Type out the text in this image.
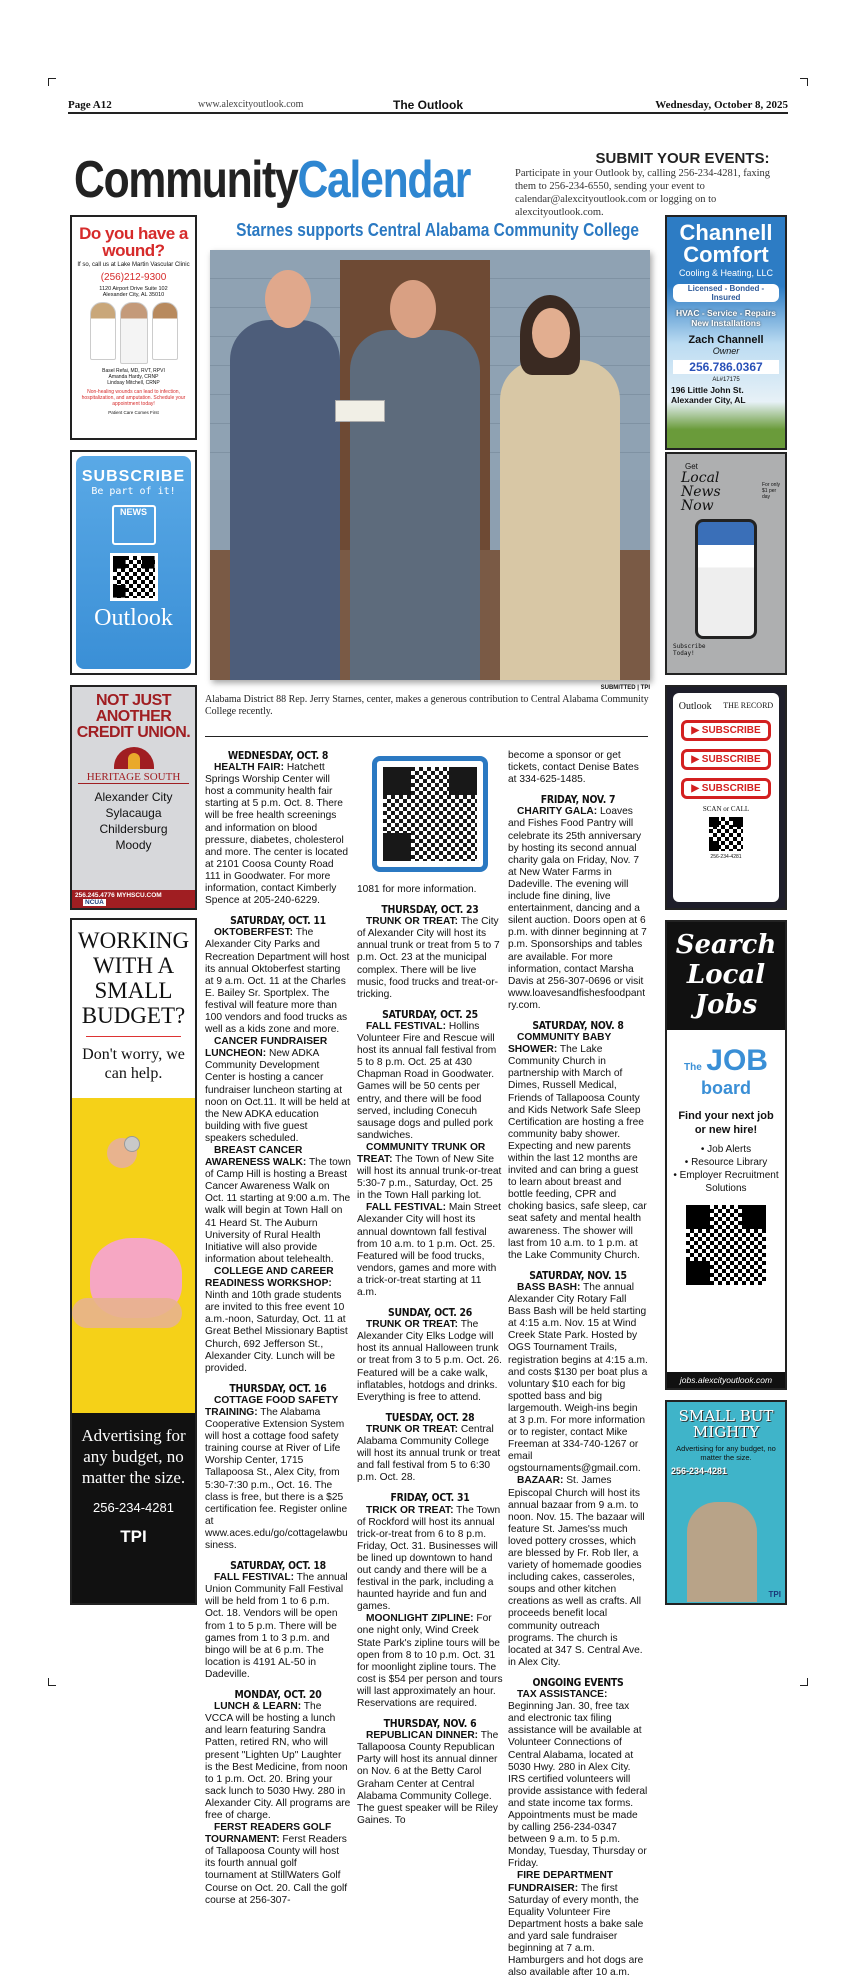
Page A12	www.alexcityoutlook.com	The Outlook	Wednesday, October 8, 2025
CommunityCalendar	SUBMIT YOUR EVENTS:

Participate in your Outlook by, calling 256-234-4281, faxing them to 256-234-6550, sending your event to calendar@alexcityoutlook.com or logging on to alexcityoutlook.com.

Do you have a wound?
If so, call us at Lake Martin Vascular Clinic
(256)212-9300
1120 Airport Drive Suite 102
Alexander City, AL 35010
Basel Refai, MD, RVT, RPVI
Amanda Hardy, CRNP
Lindsay Mitchell, CRNP
Non-healing wounds can lead to infection, hospitalization, and amputation. Schedule your appointment today!
Patient Care Comes First
SUBSCRIBE
Be part of it!
NEWS
Outlook
NOT JUST ANOTHER CREDIT UNION.
HERITAGE SOUTH
Alexander City
Sylacauga
Childersburg
Moody
256.245.4776 MYHSCU.COM NCUA
WORKING WITH A SMALL BUDGET?
Don't worry, we can help.
Advertising for any budget, no matter the size.
256-234-4281
TPI
Starnes supports Central Alabama Community College
SUBMITTED | TPI
Alabama District 88 Rep. Jerry Starnes, center, makes a generous contribution to Central Alabama Community College recently.
WEDNESDAY, OCT. 8
HEALTH FAIR: Hatchett Springs Worship Center will host a community health fair starting at 5 p.m. Oct. 8. There will be free health screenings and information on blood pressure, diabetes, cholesterol and more. The center is located at 2101 Coosa County Road 111 in Goodwater. For more information, contact Kimberly Spence at 205-240-6229.
SATURDAY, OCT. 11
OKTOBERFEST: The Alexander City Parks and Recreation Department will host its annual Oktoberfest starting at 9 a.m. Oct. 11 at the Charles E. Bailey Sr. Sportplex. The festival will feature more than 100 vendors and food trucks as well as a kids zone and more.
CANCER FUNDRAISER LUNCHEON: New ADKA Community Development Center is hosting a cancer fundraiser luncheon starting at noon on Oct.11. It will be held at the New ADKA education building with five guest speakers scheduled.
BREAST CANCER AWARENESS WALK: The town of Camp Hill is hosting a Breast Cancer Awareness Walk on Oct. 11 starting at 9:00 a.m. The walk will begin at Town Hall on 41 Heard St. The Auburn University of Rural Health Initiative will also provide information about telehealth.
COLLEGE AND CAREER READINESS WORKSHOP: Ninth and 10th grade students are invited to this free event 10 a.m.-noon, Saturday, Oct. 11 at Great Bethel Missionary Baptist Church, 692 Jefferson St., Alexander City. Lunch will be provided.
THURSDAY, OCT. 16
COTTAGE FOOD SAFETY TRAINING: The Alabama Cooperative Extension System will host a cottage food safety training course at River of Life Worship Center, 1715 Tallapoosa St., Alex City, from 5:30-7:30 p.m., Oct. 16. The class is free, but there is a $25 certification fee. Register online at www.aces.edu/go/cottagelawbusiness.
SATURDAY, OCT. 18
FALL FESTIVAL: The annual Union Community Fall Festival will be held from 1 to 6 p.m. Oct. 18. Vendors will be open from 1 to 5 p.m. There will be games from 1 to 3 p.m. and bingo will be at 6 p.m. The location is 4191 AL-50 in Dadeville.
MONDAY, OCT. 20
LUNCH & LEARN: The VCCA will be hosting a lunch and learn featuring Sandra Patten, retired RN, who will present "Lighten Up" Laughter is the Best Medicine, from noon to 1 p.m. Oct. 20. Bring your sack lunch to 5030 Hwy. 280 in Alexander City. All programs are free of charge.
FERST READERS GOLF TOURNAMENT: Ferst Readers of Tallapoosa County will host its fourth annual golf tournament at StillWaters Golf Course on Oct. 20. Call the golf course at 256-307-
1081 for more information.
THURSDAY, OCT. 23
TRUNK OR TREAT: The City of Alexander City will host its annual trunk or treat from 5 to 7 p.m. Oct. 23 at the municipal complex. There will be live music, food trucks and treat-or-tricking.
SATURDAY, OCT. 25
FALL FESTIVAL: Hollins Volunteer Fire and Rescue will host its annual fall festival from 5 to 8 p.m. Oct. 25 at 430 Chapman Road in Goodwater. Games will be 50 cents per entry, and there will be food served, including Conecuh sausage dogs and pulled pork sandwiches.
COMMUNITY TRUNK OR TREAT: The Town of New Site will host its annual trunk-or-treat 5:30-7 p.m., Saturday, Oct. 25 in the Town Hall parking lot.
FALL FESTIVAL: Main Street Alexander City will host its annual downtown fall festival from 10 a.m. to 1 p.m. Oct. 25. Featured will be food trucks, vendors, games and more with a trick-or-treat starting at 11 a.m.
SUNDAY, OCT. 26
TRUNK OR TREAT: The Alexander City Elks Lodge will host its annual Halloween trunk or treat from 3 to 5 p.m. Oct. 26. Featured will be a cake walk, inflatables, hotdogs and drinks. Everything is free to attend.
TUESDAY, OCT. 28
TRUNK OR TREAT: Central Alabama Community College will host its annual trunk or treat and fall festival from 5 to 6:30 p.m. Oct. 28.
FRIDAY, OCT. 31
TRICK OR TREAT: The Town of Rockford will host its annual trick-or-treat from 6 to 8 p.m. Friday, Oct. 31. Businesses will be lined up downtown to hand out candy and there will be a festival in the park, including a haunted hayride and fun and games.
MOONLIGHT ZIPLINE: For one night only, Wind Creek State Park's zipline tours will be open from 8 to 10 p.m. Oct. 31 for moonlight zipline tours. The cost is $54 per person and tours will last approximately an hour. Reservations are required.
THURSDAY, NOV. 6
REPUBLICAN DINNER: The Tallapoosa County Republican Party will host its annual dinner on Nov. 6 at the Betty Carol Graham Center at Central Alabama Community College. The guest speaker will be Riley Gaines. To
become a sponsor or get tickets, contact Denise Bates at 334-625-1485.
FRIDAY, NOV. 7
CHARITY GALA: Loaves and Fishes Food Pantry will celebrate its 25th anniversary by hosting its second annual charity gala on Friday, Nov. 7 at New Water Farms in Dadeville. The evening will include fine dining, live entertainment, dancing and a silent auction. Doors open at 6 p.m. with dinner beginning at 7 p.m. Sponsorships and tables are available. For more information, contact Marsha Davis at 256-307-0696 or visit www.loavesandfishesfoodpantry.com.
SATURDAY, NOV. 8
COMMUNITY BABY SHOWER: The Lake Community Church in partnership with March of Dimes, Russell Medical, Friends of Tallapoosa County and Kids Network Safe Sleep Certification are hosting a free community baby shower. Expecting and new parents within the last 12 months are invited and can bring a guest to learn about breast and bottle feeding, CPR and choking basics, safe sleep, car seat safety and mental health awareness. The shower will last from 10 a.m. to 1 p.m. at the Lake Community Church.
SATURDAY, NOV. 15
BASS BASH: The annual Alexander City Rotary Fall Bass Bash will be held starting at 4:15 a.m. Nov. 15 at Wind Creek State Park. Hosted by OGS Tournament Trails, registration begins at 4:15 a.m. and costs $130 per boat plus a voluntary $10 each for big spotted bass and big largemouth. Weigh-ins begin at 3 p.m. For more information or to register, contact Mike Freeman at 334-740-1267 or email ogstournaments@gmail.com.
BAZAAR: St. James Episcopal Church will host its annual bazaar from 9 a.m. to noon. Nov. 15. The bazaar will feature St. James'ss much loved pottery crosses, which are blessed by Fr. Rob Iler, a variety of homemade goodies including cakes, casseroles, soups and other kitchen creations as well as crafts. All proceeds benefit local community outreach programs. The church is located at 347 S. Central Ave. in Alex City.
ONGOING EVENTS
TAX ASSISTANCE: Beginning Jan. 30, free tax and electronic tax filing assistance will be available at Volunteer Connections of Central Alabama, located at 5030 Hwy. 280 in Alex City. IRS certified volunteers will provide assistance with federal and state income tax forms. Appointments must be made by calling 256-234-0347 between 9 a.m. to 5 p.m. Monday, Tuesday, Thursday or Friday.
FIRE DEPARTMENT FUNDRAISER: The first Saturday of every month, the Equality Volunteer Fire Department hosts a bake sale and yard sale fundraiser beginning at 7 a.m. Hamburgers and hot dogs are also available after 10 a.m.
Channell
Comfort
Cooling & Heating, LLC
Licensed - Bonded - Insured
HVAC - Service - Repairs New Installations
Zach Channell
Owner
256.786.0367
AL#17175
196 Little John St. Alexander City, AL
Get
Local News Now
For only $1 per day
Subscribe Today!
Outlook THE RECORD
▶ SUBSCRIBE
▶ SUBSCRIBE
▶ SUBSCRIBE
SCAN or CALL
256-234-4281
Search Local Jobs
The JOB
board
Find your next job or new hire!
• Job Alerts
• Resource Library
• Employer Recruitment Solutions
jobs.alexcityoutlook.com
SMALL BUT MIGHTY
Advertising for any budget, no matter the size.
256-234-4281
TPI
